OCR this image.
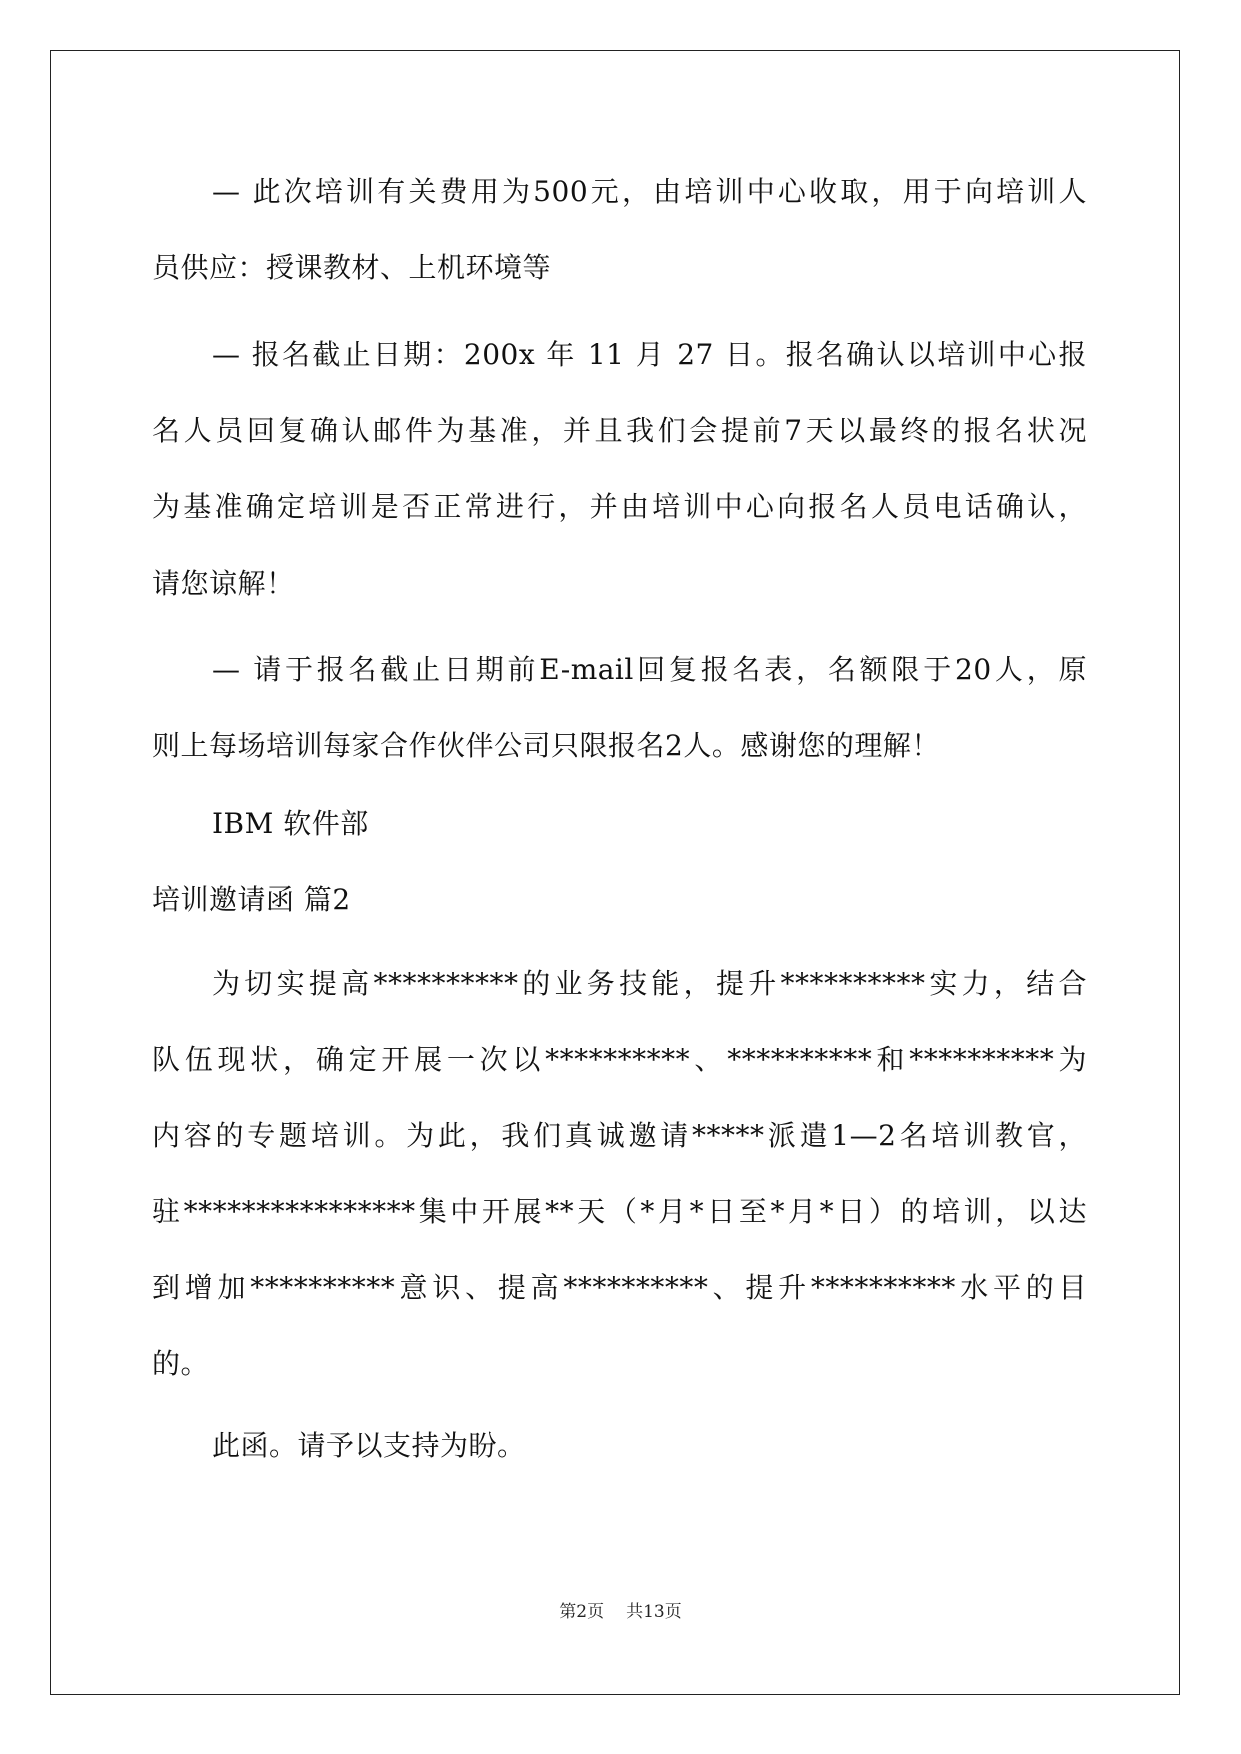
— 此次培训有关费用为500元，由培训中心收取，用于向培训人
员供应：授课教材、上机环境等
— 报名截止日期：200x 年 11 月 27 日。报名确认以培训中心报
名人员回复确认邮件为基准，并且我们会提前7天以最终的报名状况
为基准确定培训是否正常进行，并由培训中心向报名人员电话确认，
请您谅解！
— 请于报名截止日期前E-mail回复报名表，名额限于20人，原
则上每场培训每家合作伙伴公司只限报名2人。感谢您的理解！
IBM 软件部
培训邀请函 篇2
为切实提高**********的业务技能，提升**********实力，结合
队伍现状，确定开展一次以**********、**********和**********为
内容的专题培训。为此，我们真诚邀请*****派遣1—2名培训教官，
驻****************集中开展**天（*月*日至*月*日）的培训，以达
到增加**********意识、提高**********、提升**********水平的目
的。
此函。请予以支持为盼。
第2页 共13页
